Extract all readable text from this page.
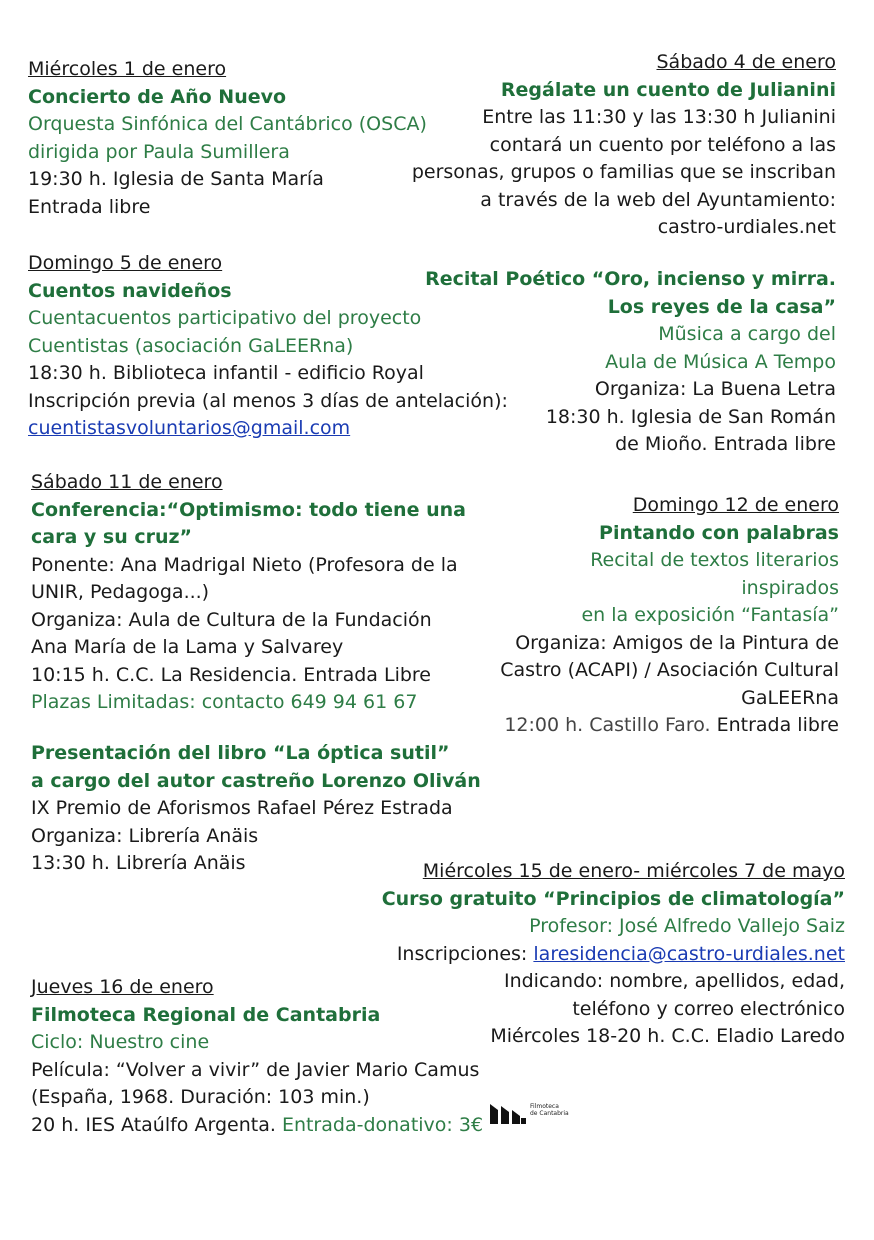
Miércoles 1 de enero
Concierto de Año Nuevo
Orquesta Sinfónica del Cantábrico (OSCA)
dirigida por Paula Sumillera
19:30 h. Iglesia de Santa María
Entrada libre
Sábado 4 de enero
Regálate un cuento de Julianini
Entre las 11:30 y las 13:30 h Julianini
contará un cuento por teléfono a las
personas, grupos o familias que se inscriban
a través de la web del Ayuntamiento:
castro-urdiales.net
Domingo 5 de enero
Cuentos navideños
Cuentacuentos participativo del proyecto
Cuentistas (asociación GaLEERna)
18:30 h. Biblioteca infantil - edificio Royal
Inscripción previa (al menos 3 días de antelación):
cuentistasvoluntarios@gmail.com
Recital Poético “Oro, incienso y mirra.
Los reyes de la casa”
Mũsica a cargo del
Aula de Música A Tempo
Organiza: La Buena Letra
18:30 h. Iglesia de San Román
de Mioño. Entrada libre
Sábado 11 de enero
Conferencia:“Optimismo: todo tiene una
cara y su cruz”
Ponente: Ana Madrigal Nieto (Profesora de la
UNIR, Pedagoga...)
Organiza: Aula de Cultura de la Fundación
Ana María de la Lama y Salvarey
10:15 h. C.C. La Residencia. Entrada Libre
Plazas Limitadas: contacto 649 94 61 67
Domingo 12 de enero
Pintando con palabras
Recital de textos literarios
inspirados
en la exposición “Fantasía”
Organiza: Amigos de la Pintura de
Castro (ACAPI) / Asociación Cultural
GaLEERna
12:00 h. Castillo Faro. Entrada libre
Presentación del libro “La óptica sutil”
a cargo del autor castreño Lorenzo Oliván
IX Premio de Aforismos Rafael Pérez Estrada
Organiza: Librería Anäis
13:30 h. Librería Anäis	Miércoles 15 de enero- miércoles 7 de mayo
Curso gratuito “Principios de climatología”
Profesor: José Alfredo Vallejo Saiz
Inscripciones: laresidencia@castro-urdiales.net
Indicando: nombre, apellidos, edad,
teléfono y correo electrónico
Miércoles 18-20 h. C.C. Eladio Laredo
Jueves 16 de enero
Filmoteca Regional de Cantabria
Ciclo: Nuestro cine
Película: “Volver a vivir” de Javier Mario Camus
(España, 1968. Duración: 103 min.)
20 h. IES Ataúlfo Argenta. Entrada-donativo: 3€
Filmoteca
de Cantabria
